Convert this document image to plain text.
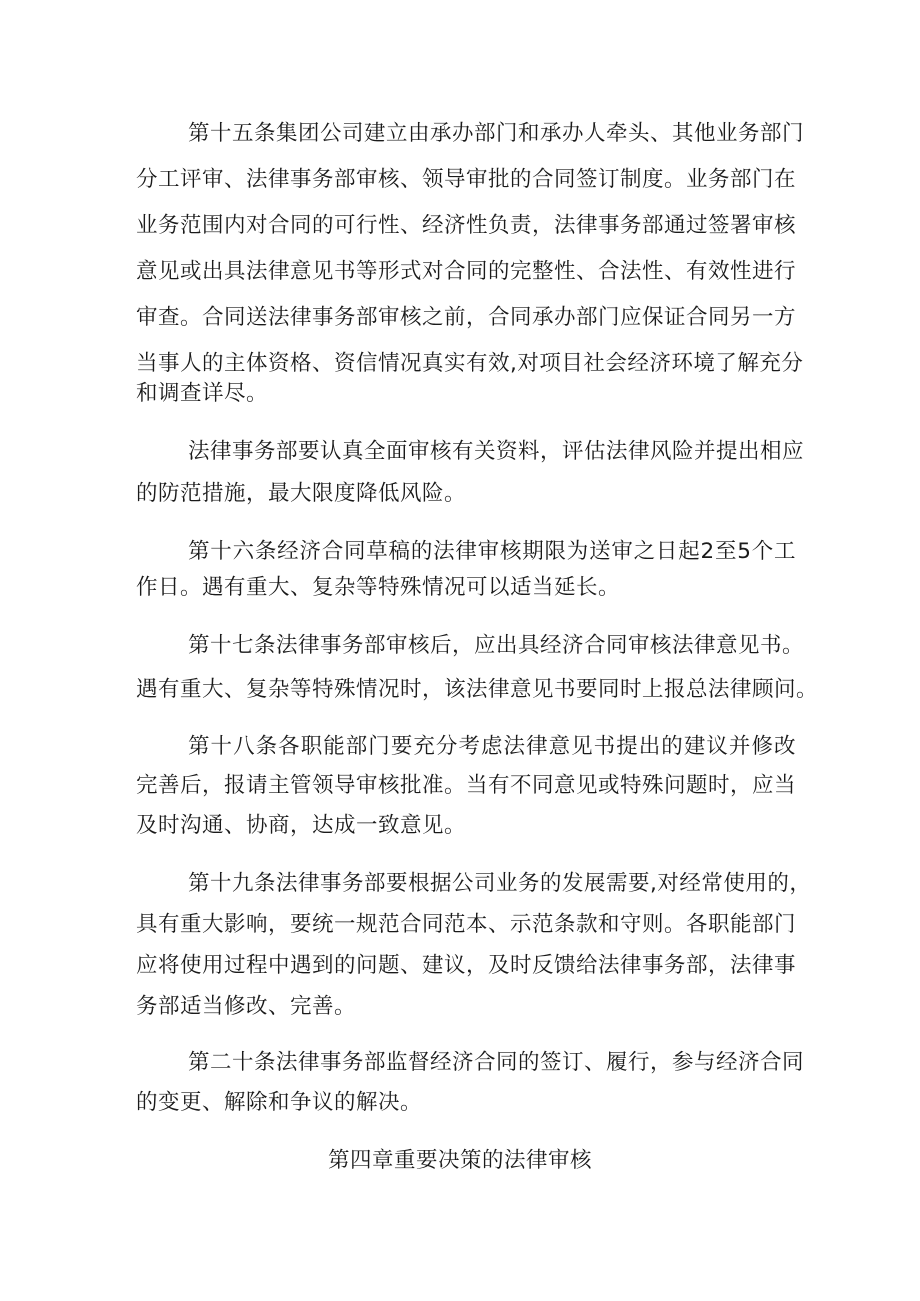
第十五条集团公司建立由承办部门和承办人牵头、其他业务部门
分工评审、法律事务部审核、领导审批的合同签订制度。业务部门在
业务范围内对合同的可行性、经济性负责，法律事务部通过签署审核
意见或出具法律意见书等形式对合同的完整性、合法性、有效性进行
审查。合同送法律事务部审核之前，合同承办部门应保证合同另一方
当事人的主体资格、资信情况真实有效,对项目社会经济环境了解充分
和调查详尽。
法律事务部要认真全面审核有关资料，评估法律风险并提出相应
的防范措施，最大限度降低风险。
第十六条经济合同草稿的法律审核期限为送审之日起2至5个工
作日。遇有重大、复杂等特殊情况可以适当延长。
第十七条法律事务部审核后，应出具经济合同审核法律意见书。
遇有重大、复杂等特殊情况时，该法律意见书要同时上报总法律顾问。
第十八条各职能部门要充分考虑法律意见书提出的建议并修改
完善后，报请主管领导审核批准。当有不同意见或特殊问题时，应当
及时沟通、协商，达成一致意见。
第十九条法律事务部要根据公司业务的发展需要,对经常使用的，
具有重大影响，要统一规范合同范本、示范条款和守则。各职能部门
应将使用过程中遇到的问题、建议，及时反馈给法律事务部，法律事
务部适当修改、完善。
第二十条法律事务部监督经济合同的签订、履行，参与经济合同
的变更、解除和争议的解决。
第四章重要决策的法律审核
